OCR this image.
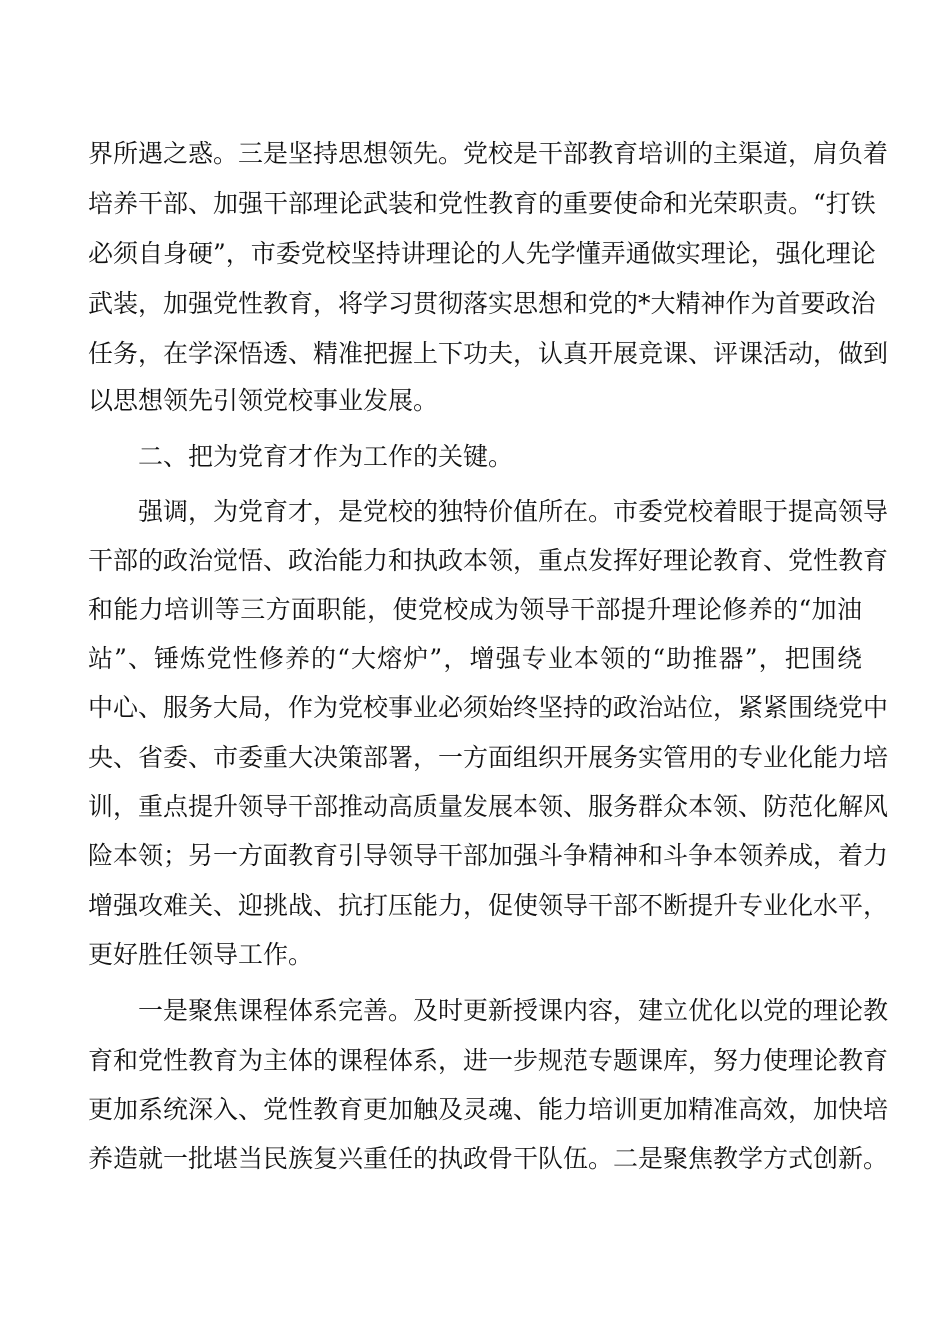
界所遇之惑。三是坚持思想领先。党校是干部教育培训的主渠道，肩负着
培养干部、加强干部理论武装和党性教育的重要使命和光荣职责。“打铁
必须自身硬”，市委党校坚持讲理论的人先学懂弄通做实理论，强化理论
武装，加强党性教育，将学习贯彻落实思想和党的*大精神作为首要政治
任务，在学深悟透、精准把握上下功夫，认真开展竞课、评课活动，做到
以思想领先引领党校事业发展。
二、把为党育才作为工作的关键。
强调，为党育才，是党校的独特价值所在。市委党校着眼于提高领导
干部的政治觉悟、政治能力和执政本领，重点发挥好理论教育、党性教育
和能力培训等三方面职能，使党校成为领导干部提升理论修养的“加油
站”、锤炼党性修养的“大熔炉”，增强专业本领的“助推器”，把围绕
中心、服务大局，作为党校事业必须始终坚持的政治站位，紧紧围绕党中
央、省委、市委重大决策部署，一方面组织开展务实管用的专业化能力培
训，重点提升领导干部推动高质量发展本领、服务群众本领、防范化解风
险本领；另一方面教育引导领导干部加强斗争精神和斗争本领养成，着力
增强攻难关、迎挑战、抗打压能力，促使领导干部不断提升专业化水平，
更好胜任领导工作。
一是聚焦课程体系完善。及时更新授课内容，建立优化以党的理论教
育和党性教育为主体的课程体系，进一步规范专题课库，努力使理论教育
更加系统深入、党性教育更加触及灵魂、能力培训更加精准高效，加快培
养造就一批堪当民族复兴重任的执政骨干队伍。二是聚焦教学方式创新。
